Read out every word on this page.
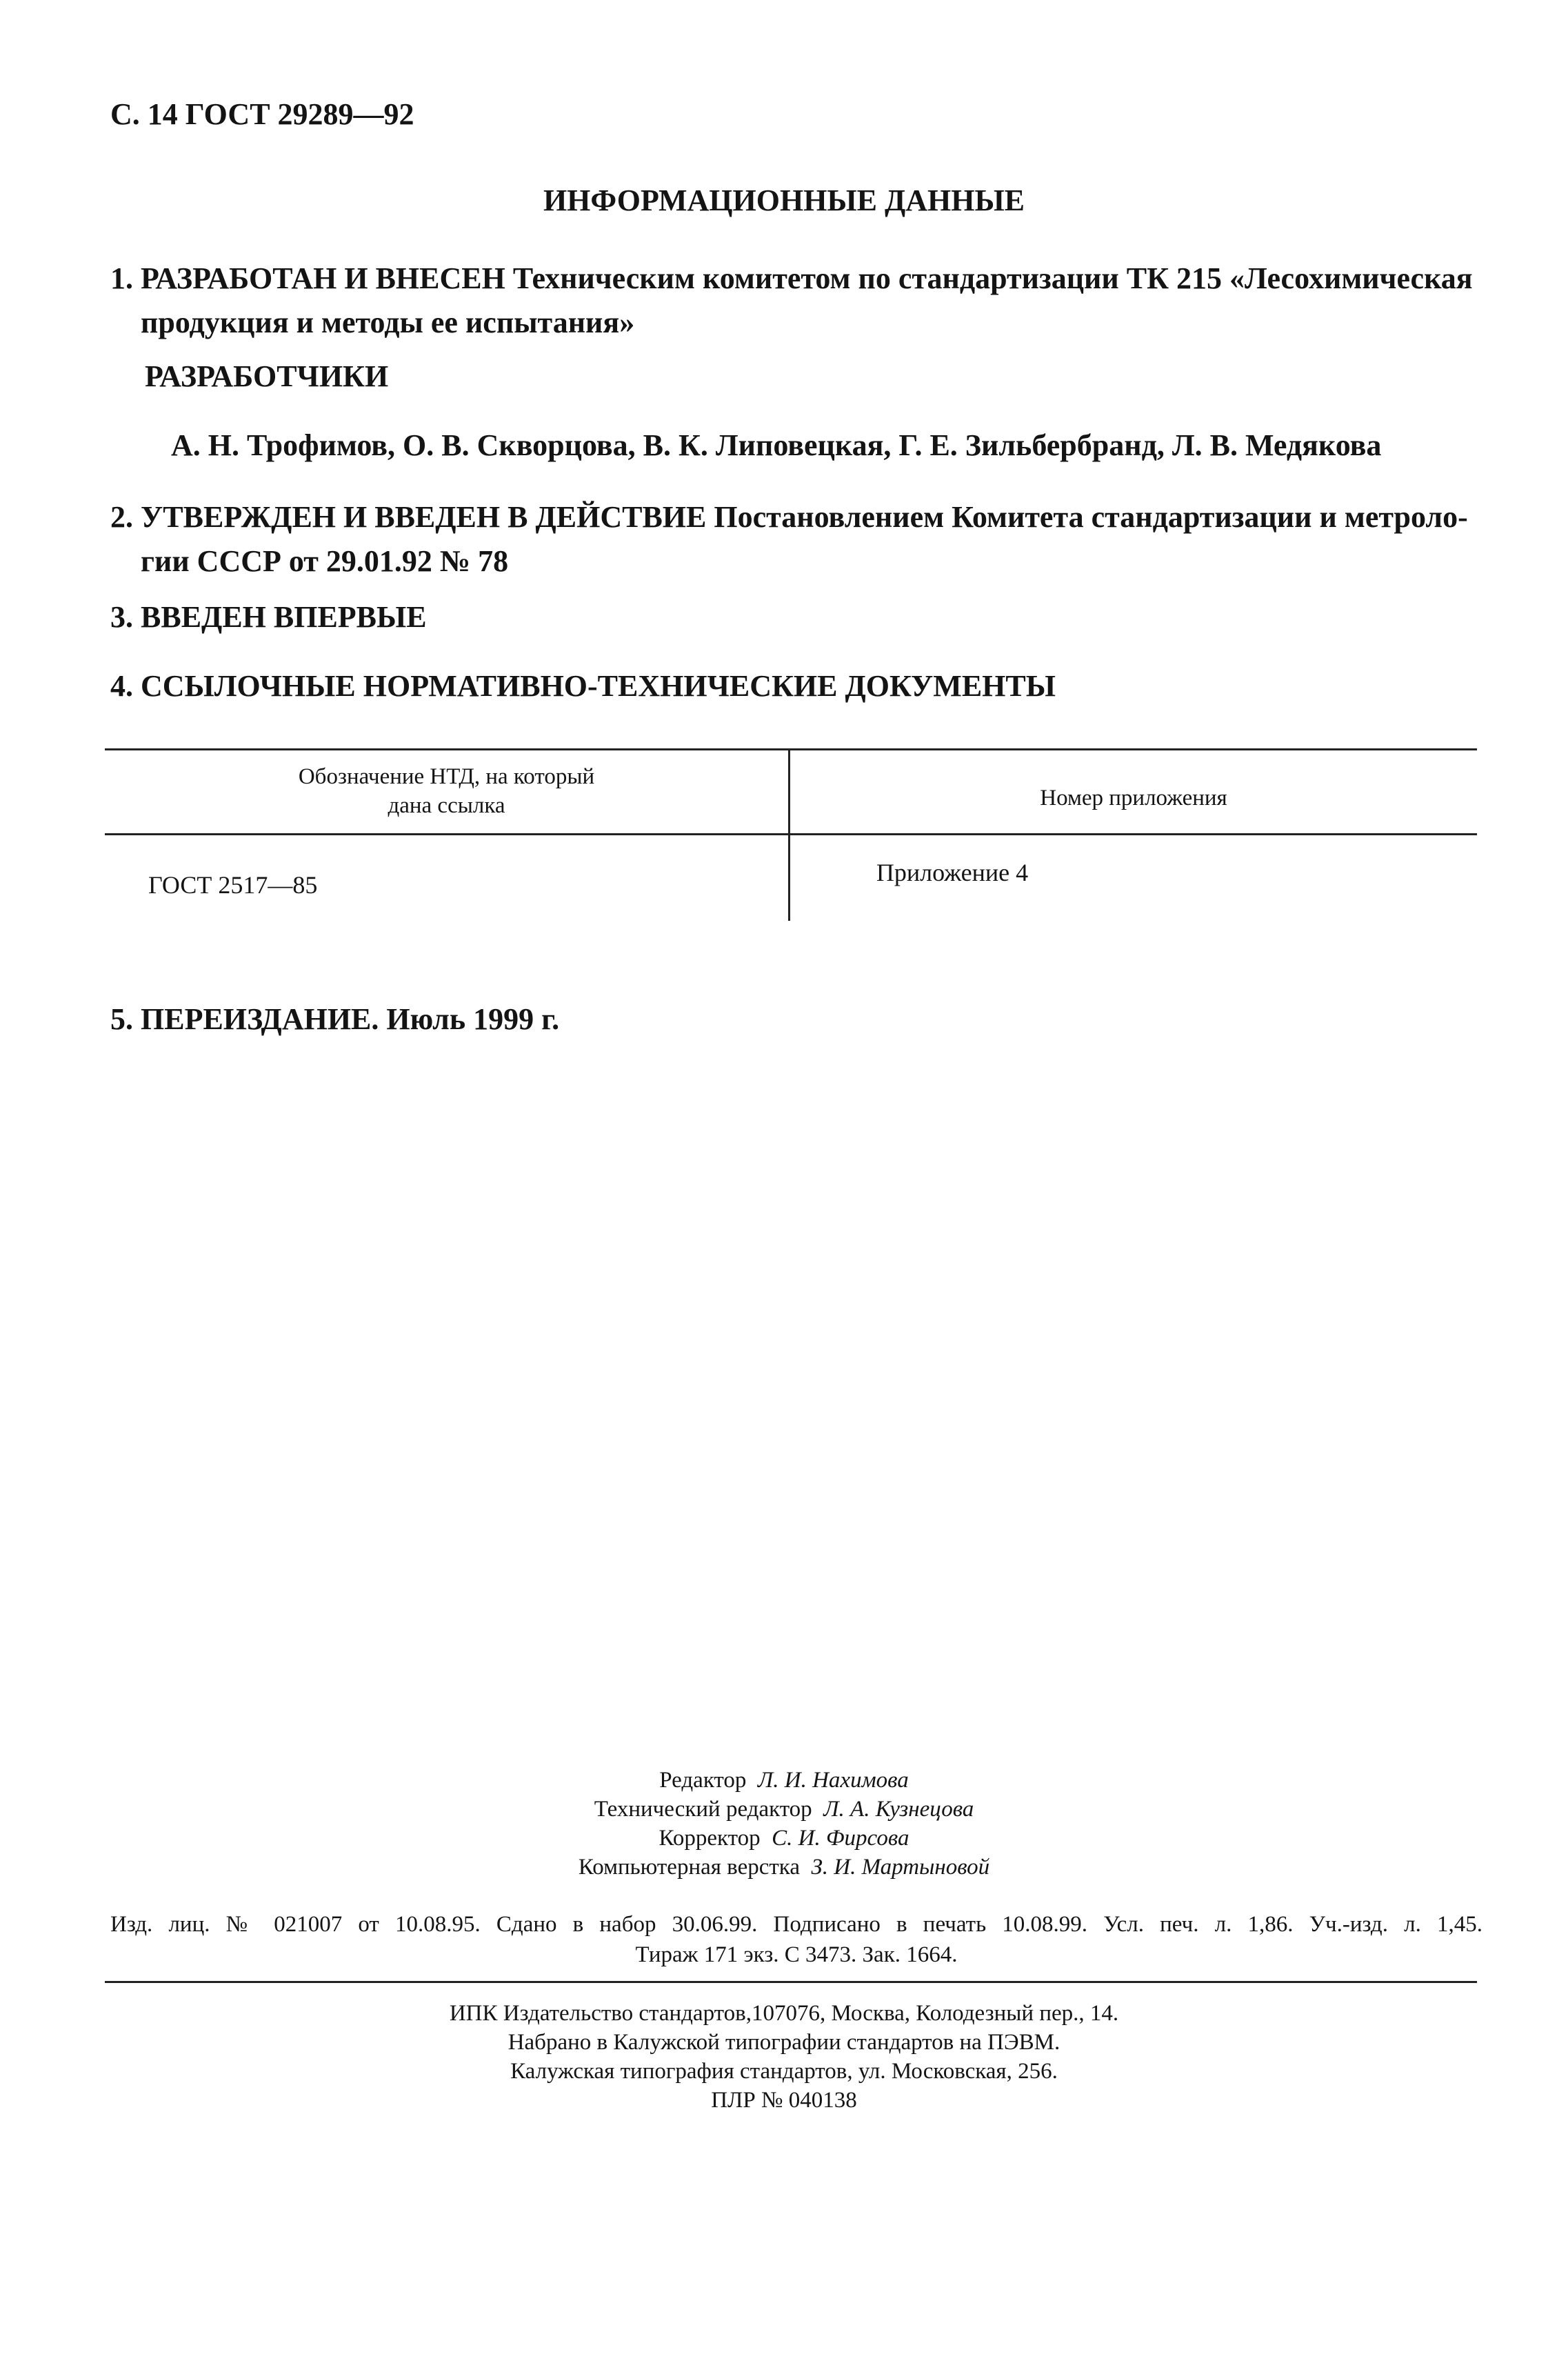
С. 14 ГОСТ 29289—92
ИНФОРМАЦИОННЫЕ ДАННЫЕ
1. РАЗРАБОТАН И ВНЕСЕН Техническим комитетом по стандартизации ТК 215 «Лесохимическая
продукция и методы ее испытания»
РАЗРАБОТЧИКИ
А. Н. Трофимов, О. В. Скворцова, В. К. Липовецкая, Г. Е. Зильбербранд, Л. В. Медякова
2. УТВЕРЖДЕН И ВВЕДЕН В ДЕЙСТВИЕ Постановлением Комитета стандартизации и метроло-
гии СССР от 29.01.92 № 78
3. ВВЕДЕН ВПЕРВЫЕ
4. ССЫЛОЧНЫЕ НОРМАТИВНО-ТЕХНИЧЕСКИЕ ДОКУМЕНТЫ
Обозначение НТД, на который
дана ссылка	Номер приложения
ГОСТ 2517—85	Приложение 4
5. ПЕРЕИЗДАНИЕ. Июль 1999 г.
Редактор Л. И. Нахимова
Технический редактор Л. А. Кузнецова
Корректор С. И. Фирсова
Компьютерная верстка З. И. Мартыновой
Изд. лиц. № 021007 от 10.08.95. Сдано в набор 30.06.99. Подписано в печать 10.08.99. Усл. печ. л. 1,86. Уч.-изд. л. 1,45.
Тираж 171 экз. С 3473. Зак. 1664.
ИПК Издательство стандартов,107076, Москва, Колодезный пер., 14.
Набрано в Калужской типографии стандартов на ПЭВМ.
Калужская типография стандартов, ул. Московская, 256.
ПЛР № 040138
